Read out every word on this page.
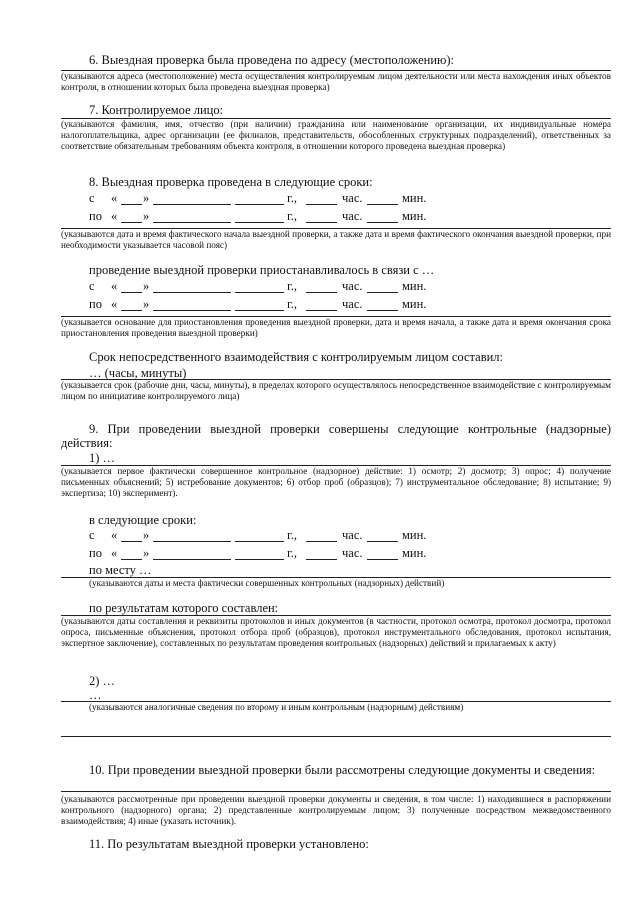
6. Выездная проверка была проведена по адресу (местоположению):
(указываются адреса (местоположение) места осуществления контролируемым лицом деятельности или места нахождения иных объектов контроля, в отношении которых была проведена выездная проверка)
7. Контролируемое лицо:
(указываются фамилия, имя, отчество (при наличии) гражданина или наименование организации, их индивидуальные номера налогоплательщика, адрес организации (ее филиалов, представительств, обособленных структурных подразделений), ответственных за соответствие обязательным требованиям объекта контроля, в отношении которого проведена выездная проверка)
8. Выездная проверка проведена в следующие сроки:
с « »	г.,	час.	мин.
по « »	г.,	час.	мин.
(указываются дата и время фактического начала выездной проверки, а также дата и время фактического окончания выездной проверки, при необходимости указывается часовой пояс)
проведение выездной проверки приостанавливалось в связи с …
с « »	г.,	час.	мин.
по « »	г.,	час.	мин.
(указывается основание для приостановления проведения выездной проверки, дата и время начала, а также дата и время окончания срока приостановления проведения выездной проверки)
Срок непосредственного взаимодействия с контролируемым лицом составил:
… (часы, минуты)
(указывается срок (рабочие дни, часы, минуты), в пределах которого осуществлялось непосредственное взаимодействие с контролируемым лицом по инициативе контролируемого лица)
9. При проведении выездной проверки совершены следующие контрольные (надзорные) действия:
1) …
(указывается первое фактически совершенное контрольное (надзорное) действие: 1) осмотр; 2) досмотр; 3) опрос; 4) получение письменных объяснений; 5) истребование документов; 6) отбор проб (образцов); 7) инструментальное обследование; 8) испытание; 9) экспертиза; 10) эксперимент).
в следующие сроки:
с « »	г.,	час.	мин.
по « »	г.,	час.	мин.
по месту …
(указываются даты и места фактически совершенных контрольных (надзорных) действий)
по результатам которого составлен:
(указываются даты составления и реквизиты протоколов и иных документов (в частности, протокол осмотра, протокол досмотра, протокол опроса, письменные объяснения, протокол отбора проб (образцов), протокол инструментального обследования, протокол испытания, экспертное заключение), составленных по результатам проведения контрольных (надзорных) действий и прилагаемых к акту)
2) …
…
(указываются аналогичные сведения по второму и иным контрольным (надзорным) действиям)
10. При проведении выездной проверки были рассмотрены следующие документы и сведения:
(указываются рассмотренные при проведении выездной проверки документы и сведения, в том числе: 1) находившиеся в распоряжении контрольного (надзорного) органа; 2) представленные контролируемым лицом; 3) полученные посредством межведомственного взаимодействия; 4) иные (указать источник).
11. По результатам выездной проверки установлено:
